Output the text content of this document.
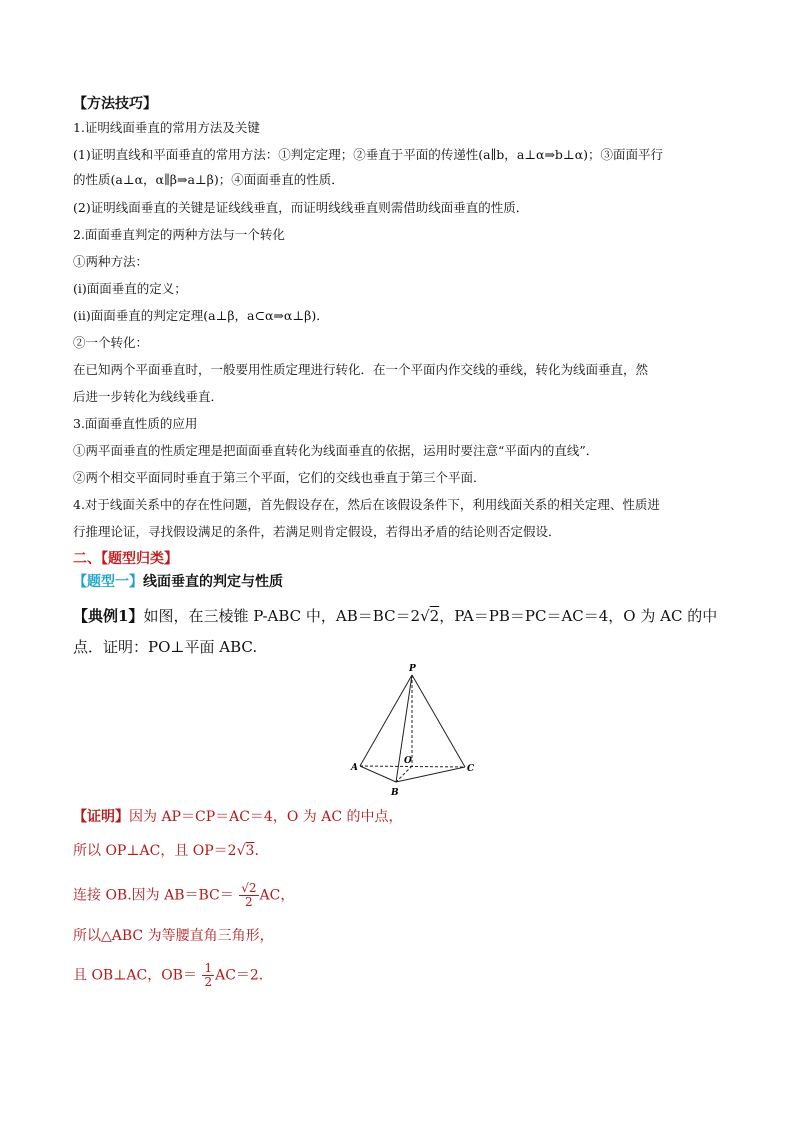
【方法技巧】
1.证明线面垂直的常用方法及关键
(1)证明直线和平面垂直的常用方法：①判定定理；②垂直于平面的传递性(a∥b，a⊥α⇒b⊥α)；③面面平行
的性质(a⊥α，α∥β⇒a⊥β)；④面面垂直的性质．
(2)证明线面垂直的关键是证线线垂直，而证明线线垂直则需借助线面垂直的性质．
2.面面垂直判定的两种方法与一个转化
①两种方法：
(ⅰ)面面垂直的定义；
(ⅱ)面面垂直的判定定理(a⊥β，a⊂α⇒α⊥β)．
②一个转化：
在已知两个平面垂直时，一般要用性质定理进行转化．在一个平面内作交线的垂线，转化为线面垂直，然
后进一步转化为线线垂直．
3.面面垂直性质的应用
①两平面垂直的性质定理是把面面垂直转化为线面垂直的依据，运用时要注意“平面内的直线”．
②两个相交平面同时垂直于第三个平面，它们的交线也垂直于第三个平面．
4.对于线面关系中的存在性问题，首先假设存在，然后在该假设条件下，利用线面关系的相关定理、性质进
行推理论证，寻找假设满足的条件，若满足则肯定假设，若得出矛盾的结论则否定假设．
二、【题型归类】
【题型一】线面垂直的判定与性质
【典例1】如图，在三棱锥 P-ABC 中，AB＝BC＝2√2，PA＝PB＝PC＝AC＝4，O 为 AC 的中
点．证明：PO⊥平面 ABC.
P
A
B
C
O
【证明】因为 AP＝CP＝AC＝4，O 为 AC 的中点，
所以 OP⊥AC，且 OP＝2√3.
连接 OB.因为 $AB=BC= \frac{√2}{2}$ AC，
所以△ABC 为等腰直角三角形，
且 OB⊥AC，$OB= \frac{1}{2} AC=2$.
